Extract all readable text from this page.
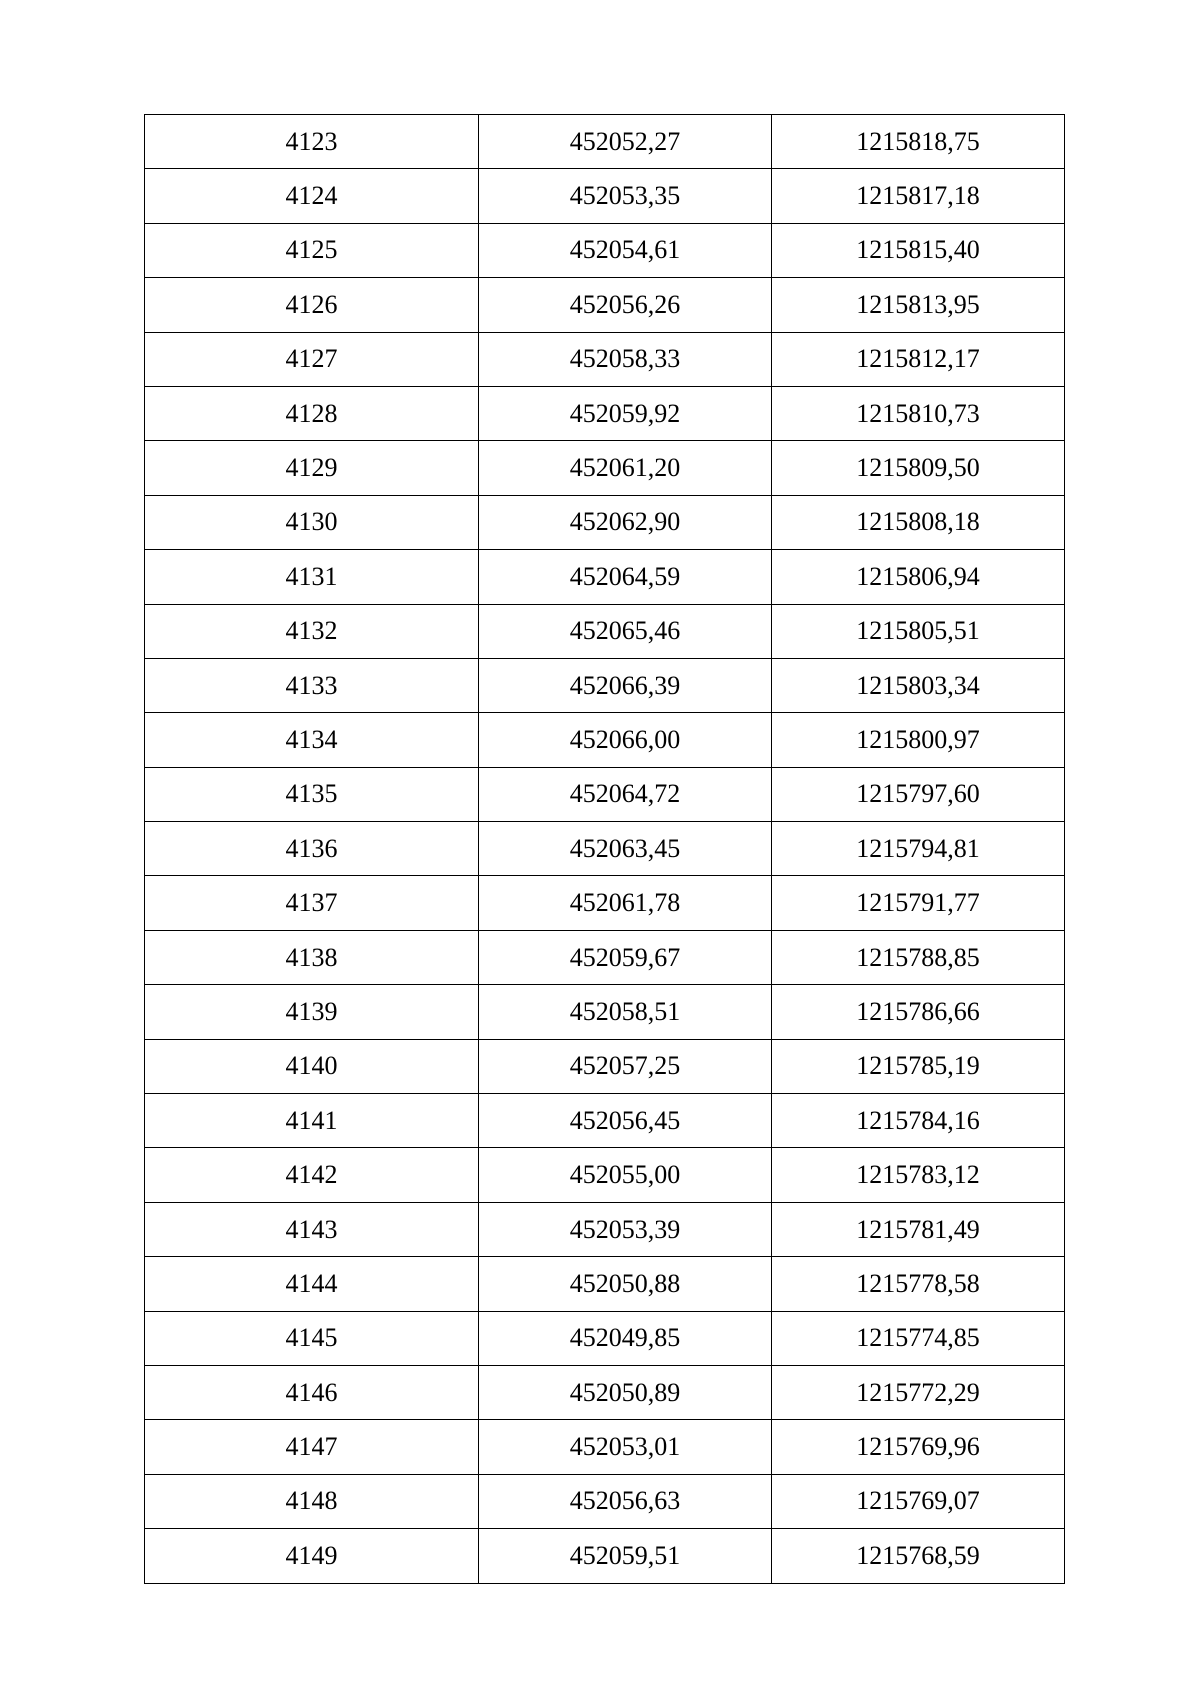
4123	452052,27	1215818,75
4124	452053,35	1215817,18
4125	452054,61	1215815,40
4126	452056,26	1215813,95
4127	452058,33	1215812,17
4128	452059,92	1215810,73
4129	452061,20	1215809,50
4130	452062,90	1215808,18
4131	452064,59	1215806,94
4132	452065,46	1215805,51
4133	452066,39	1215803,34
4134	452066,00	1215800,97
4135	452064,72	1215797,60
4136	452063,45	1215794,81
4137	452061,78	1215791,77
4138	452059,67	1215788,85
4139	452058,51	1215786,66
4140	452057,25	1215785,19
4141	452056,45	1215784,16
4142	452055,00	1215783,12
4143	452053,39	1215781,49
4144	452050,88	1215778,58
4145	452049,85	1215774,85
4146	452050,89	1215772,29
4147	452053,01	1215769,96
4148	452056,63	1215769,07
4149	452059,51	1215768,59
